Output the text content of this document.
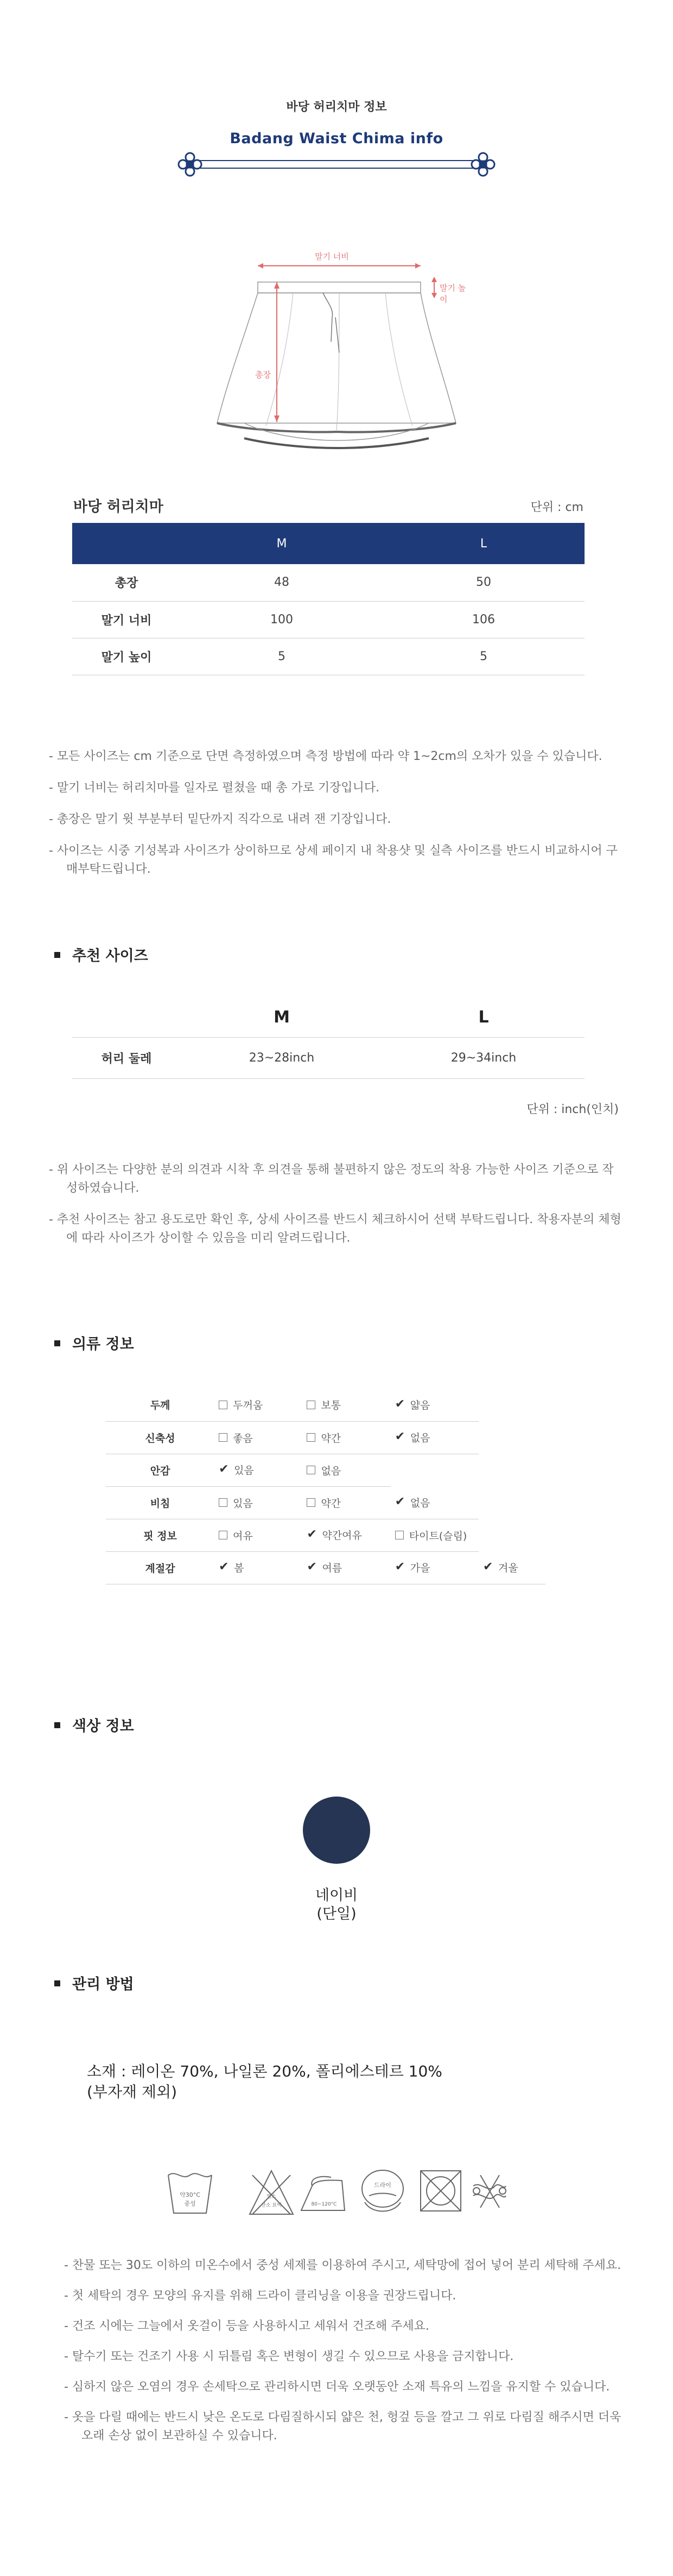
바당 허리치마 정보
Badang Waist Chima info
말기 너비
말기 높이
총장
바당 허리치마	단위 : cm
	M	L
총장	48	50
말기 너비	100	106
말기 높이	5	5

- 모든 사이즈는 cm 기준으로 단면 측정하였으며 측정 방법에 따라 약 1~2cm의 오차가 있을 수 있습니다.

- 말기 너비는 허리치마를 일자로 펼쳤을 때 총 가로 기장입니다.

- 총장은 말기 윗 부분부터 밑단까지 직각으로 내려 잰 기장입니다.

- 사이즈는 시중 기성복과 사이즈가 상이하므로 상세 페이지 내 착용샷 및 실측 사이즈를 반드시 비교하시어 구매부탁드립니다.

추천 사이즈
	M	L
허리 둘레	23~28inch	29~34inch
단위 : inch(인치)

- 위 사이즈는 다양한 분의 의견과 시착 후 의견을 통해 불편하지 않은 정도의 착용 가능한 사이즈 기준으로 작성하였습니다.

- 추천 사이즈는 참고 용도로만 확인 후, 상세 사이즈를 반드시 체크하시어 선택 부탁드립니다. 착용자분의 체형에 따라 사이즈가 상이할 수 있음을 미리 알려드립니다.

의류 정보
두께	두꺼움	보통	✔ 얇음	
신축성	좋음	약간	✔ 없음	
안감	✔ 있음	없음		
비침	있음	약간	✔ 없음	
핏 정보	여유	✔ 약간여유	타이트(슬림)	
계절감	✔ 봄	✔ 여름	✔ 가을	✔ 겨울
색상 정보
네이비
(단일)
관리 방법
소재 : 레이온 70%, 나일론 20%, 폴리에스테르 10%
(부자재 제외)
약30°C
중성
염소
산소 표백	80~120°C
드라이

- 찬물 또는 30도 이하의 미온수에서 중성 세제를 이용하여 주시고, 세탁망에 접어 넣어 분리 세탁해 주세요.

- 첫 세탁의 경우 모양의 유지를 위해 드라이 클리닝을 이용을 권장드립니다.

- 건조 시에는 그늘에서 옷걸이 등을 사용하시고 세워서 건조해 주세요.

- 탈수기 또는 건조기 사용 시 뒤틀림 혹은 변형이 생길 수 있으므로 사용을 금지합니다.

- 심하지 않은 오염의 경우 손세탁으로 관리하시면 더욱 오랫동안 소재 특유의 느낌을 유지할 수 있습니다.

- 옷을 다릴 때에는 반드시 낮은 온도로 다림질하시되 얇은 천, 헝겊 등을 깔고 그 위로 다림질 해주시면 더욱 오래 손상 없이 보관하실 수 있습니다.
